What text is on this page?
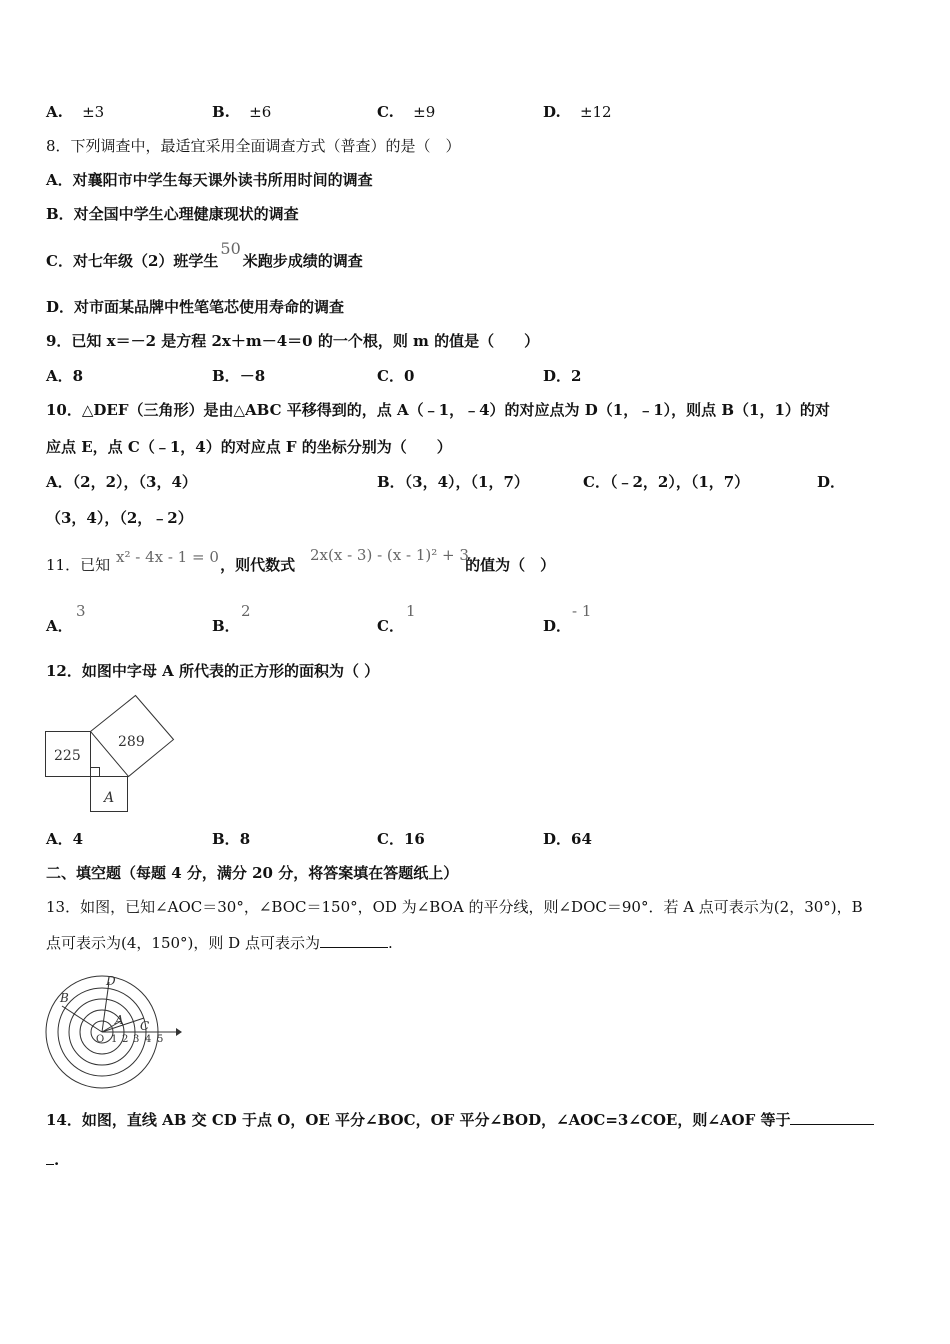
A. ±3	B. ±6	C. ±9	D. ±12
8．下列调查中，最适宜采用全面调查方式（普查）的是（　）
A．对襄阳市中学生每天课外读书所用时间的调查
B．对全国中学生心理健康现状的调查
C．对七年级（2）班学生50米跑步成绩的调查
D．对市面某品牌中性笔笔芯使用寿命的调查
9．已知 x＝－2 是方程 2x＋m－4＝0 的一个根，则 m 的值是（　　）
A．8	B．－8	C．0	D．2
10．△DEF（三角形）是由△ABC 平移得到的，点 A（﹣1，﹣4）的对应点为 D（1，﹣1），则点 B（1，1）的对
应点 E，点 C（﹣1，4）的对应点 F 的坐标分别为（　　）
A．（2，2），（3，4）	B．（3，4），（1，7）	C．（﹣2，2），（1，7）	D．
（3，4），（2，﹣2）
11．已知	，则代数式	的值为（　）
x² - 4x - 1 = 0	2x(x - 3) - (x - 1)² + 3
A．
3
B．
2
C．
1
D．
- 1
12．如图中字母 A 所代表的正方形的面积为（ ）
225
289
A
A．4	B．8	C．16	D．64
二、填空题（每题 4 分，满分 20 分，将答案填在答题纸上）
13．如图，已知∠AOC＝30°，∠BOC＝150°，OD 为∠BOA 的平分线，则∠DOC＝90°．若 A 点可表示为(2，30°)，B
点可表示为(4，150°)，则 D 点可表示为	.
D
B
A C
O 1 2 3 4 5
14．如图，直线 AB 交 CD 于点 O，OE 平分∠BOC，OF 平分∠BOD，∠AOC=3∠COE，则∠AOF 等于
.
